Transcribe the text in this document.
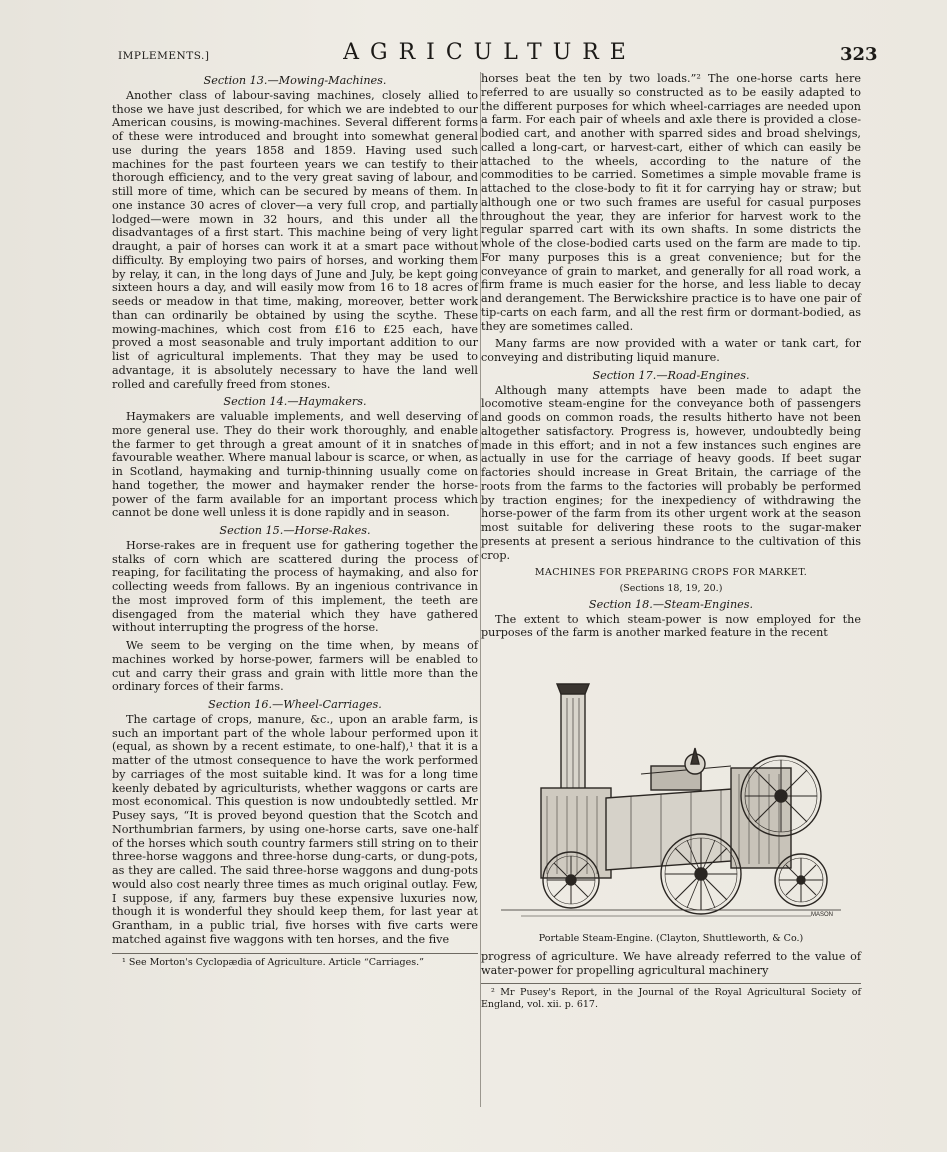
IMPLEMENTS.]	AGRICULTURE	323
Section 13.—Mowing-Machines.

Another class of labour-saving machines, closely allied to those we have just described, for which we are indebted to our American cousins, is mowing-machines. Several different forms of these were introduced and brought into somewhat general use during the years 1858 and 1859. Having used such machines for the past fourteen years we can testify to their thorough efficiency, and to the very great saving of labour, and still more of time, which can be secured by means of them. In one instance 30 acres of clover—a very full crop, and partially lodged—were mown in 32 hours, and this under all the disadvantages of a first start. This machine being of very light draught, a pair of horses can work it at a smart pace without difficulty. By employing two pairs of horses, and working them by relay, it can, in the long days of June and July, be kept going sixteen hours a day, and will easily mow from 16 to 18 acres of seeds or meadow in that time, making, moreover, better work than can ordinarily be obtained by using the scythe. These mowing-machines, which cost from £16 to £25 each, have proved a most seasonable and truly important addition to our list of agricultural implements. That they may be used to advantage, it is absolutely necessary to have the land well rolled and carefully freed from stones.

Section 14.—Haymakers.

Haymakers are valuable implements, and well deserving of more general use. They do their work thoroughly, and enable the farmer to get through a great amount of it in snatches of favourable weather. Where manual labour is scarce, or when, as in Scotland, haymaking and turnip-thinning usually come on hand together, the mower and haymaker render the horse-power of the farm available for an important process which cannot be done well unless it is done rapidly and in season.

Section 15.—Horse-Rakes.

Horse-rakes are in frequent use for gathering together the stalks of corn which are scattered during the process of reaping, for facilitating the process of haymaking, and also for collecting weeds from fallows. By an ingenious contrivance in the most improved form of this implement, the teeth are disengaged from the material which they have gathered without interrupting the progress of the horse.

We seem to be verging on the time when, by means of machines worked by horse-power, farmers will be enabled to cut and carry their grass and grain with little more than the ordinary forces of their farms.

Section 16.—Wheel-Carriages.

The cartage of crops, manure, &c., upon an arable farm, is such an important part of the whole labour performed upon it (equal, as shown by a recent estimate, to one-half),¹ that it is a matter of the utmost consequence to have the work performed by carriages of the most suitable kind. It was for a long time keenly debated by agriculturists, whether waggons or carts are most economical. This question is now undoubtedly settled. Mr Pusey says, “It is proved beyond question that the Scotch and Northumbrian farmers, by using one-horse carts, save one-half of the horses which south country farmers still string on to their three-horse waggons and three-horse dung-carts, or dung-pots, as they are called. The said three-horse waggons and dung-pots would also cost nearly three times as much original outlay. Few, I suppose, if any, farmers buy these expensive luxuries now, though it is wonderful they should keep them, for last year at Grantham, in a public trial, five horses with five carts were matched against five waggons with ten horses, and the five

¹ See Morton's Cyclopædia of Agriculture. Article “Carriages.”

horses beat the ten by two loads.”² The one-horse carts here referred to are usually so constructed as to be easily adapted to the different purposes for which wheel-carriages are needed upon a farm. For each pair of wheels and axle there is provided a close-bodied cart, and another with sparred sides and broad shelvings, called a long-cart, or harvest-cart, either of which can easily be attached to the wheels, according to the nature of the commodities to be carried. Sometimes a simple movable frame is attached to the close-body to fit it for carrying hay or straw; but although one or two such frames are useful for casual purposes throughout the year, they are inferior for harvest work to the regular sparred cart with its own shafts. In some districts the whole of the close-bodied carts used on the farm are made to tip. For many purposes this is a great convenience; but for the conveyance of grain to market, and generally for all road work, a firm frame is much easier for the horse, and less liable to decay and derangement. The Berwickshire practice is to have one pair of tip-carts on each farm, and all the rest firm or dormant-bodied, as they are sometimes called.

Many farms are now provided with a water or tank cart, for conveying and distributing liquid manure.

Section 17.—Road-Engines.

Although many attempts have been made to adapt the locomotive steam-engine for the conveyance both of passengers and goods on common roads, the results hitherto have not been altogether satisfactory. Progress is, however, undoubtedly being made in this effort; and in not a few instances such engines are actually in use for the carriage of heavy goods. If beet sugar factories should increase in Great Britain, the carriage of the roots from the farms to the factories will probably be performed by traction engines; for the inexpediency of withdrawing the horse-power of the farm from its other urgent work at the season most suitable for delivering these roots to the sugar-maker presents at present a serious hindrance to the cultivation of this crop.

MACHINES FOR PREPARING CROPS FOR MARKET.
(Sections 18, 19, 20.)
Section 18.—Steam-Engines.

The extent to which steam-power is now employed for the purposes of the farm is another marked feature in the recent

MASON
Portable Steam-Engine. (Clayton, Shuttleworth, & Co.)

progress of agriculture. We have already referred to the value of water-power for propelling agricultural machinery

² Mr Pusey's Report, in the Journal of the Royal Agricultural Society of England, vol. xii. p. 617.
